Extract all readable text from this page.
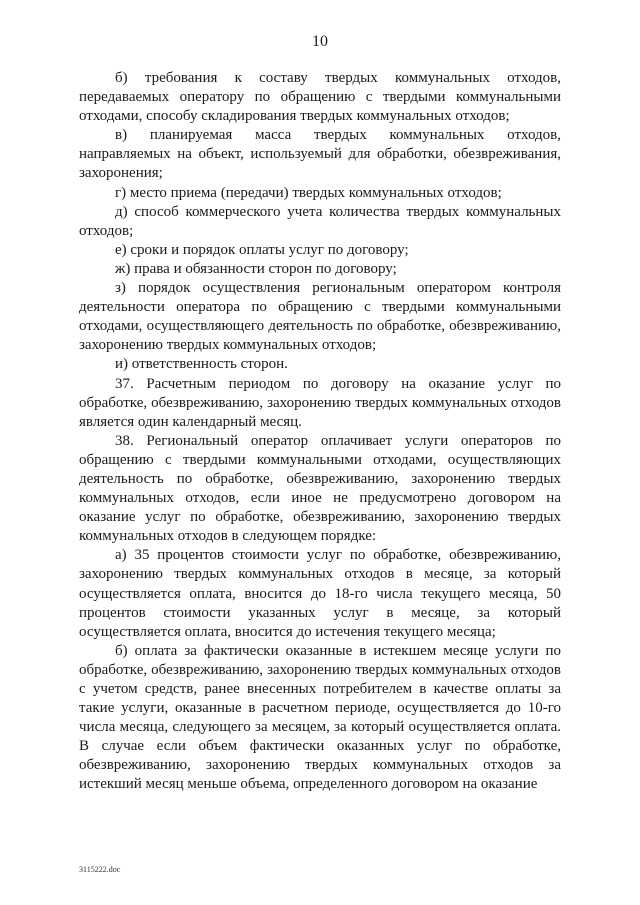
10

б) требования к составу твердых коммунальных отходов, передаваемых оператору по обращению с твердыми коммунальными отходами, способу складирования твердых коммунальных отходов;

в) планируемая масса твердых коммунальных отходов, направляемых на объект, используемый для обработки, обезвреживания, захоронения;

г) место приема (передачи) твердых коммунальных отходов;

д) способ коммерческого учета количества твердых коммунальных отходов;

е) сроки и порядок оплаты услуг по договору;

ж) права и обязанности сторон по договору;

з) порядок осуществления региональным оператором контроля деятельности оператора по обращению с твердыми коммунальными отходами, осуществляющего деятельность по обработке, обезвреживанию, захоронению твердых коммунальных отходов;

и) ответственность сторон.

37. Расчетным периодом по договору на оказание услуг по обработке, обезвреживанию, захоронению твердых коммунальных отходов является один календарный месяц.

38. Региональный оператор оплачивает услуги операторов по обращению с твердыми коммунальными отходами, осуществляющих деятельность по обработке, обезвреживанию, захоронению твердых коммунальных отходов, если иное не предусмотрено договором на оказание услуг по обработке, обезвреживанию, захоронению твердых коммунальных отходов в следующем порядке:

а) 35 процентов стоимости услуг по обработке, обезвреживанию, захоронению твердых коммунальных отходов в месяце, за который осуществляется оплата, вносится до 18-го числа текущего месяца, 50 процентов стоимости указанных услуг в месяце, за который осуществляется оплата, вносится до истечения текущего месяца;

б) оплата за фактически оказанные в истекшем месяце услуги по обработке, обезвреживанию, захоронению твердых коммунальных отходов с учетом средств, ранее внесенных потребителем в качестве оплаты за такие услуги, оказанные в расчетном периоде, осуществляется до 10-го числа месяца, следующего за месяцем, за который осуществляется оплата. В случае если объем фактически оказанных услуг по обработке, обезвреживанию, захоронению твердых коммунальных отходов за истекший месяц меньше объема, определенного договором на оказание

3115222.doc
